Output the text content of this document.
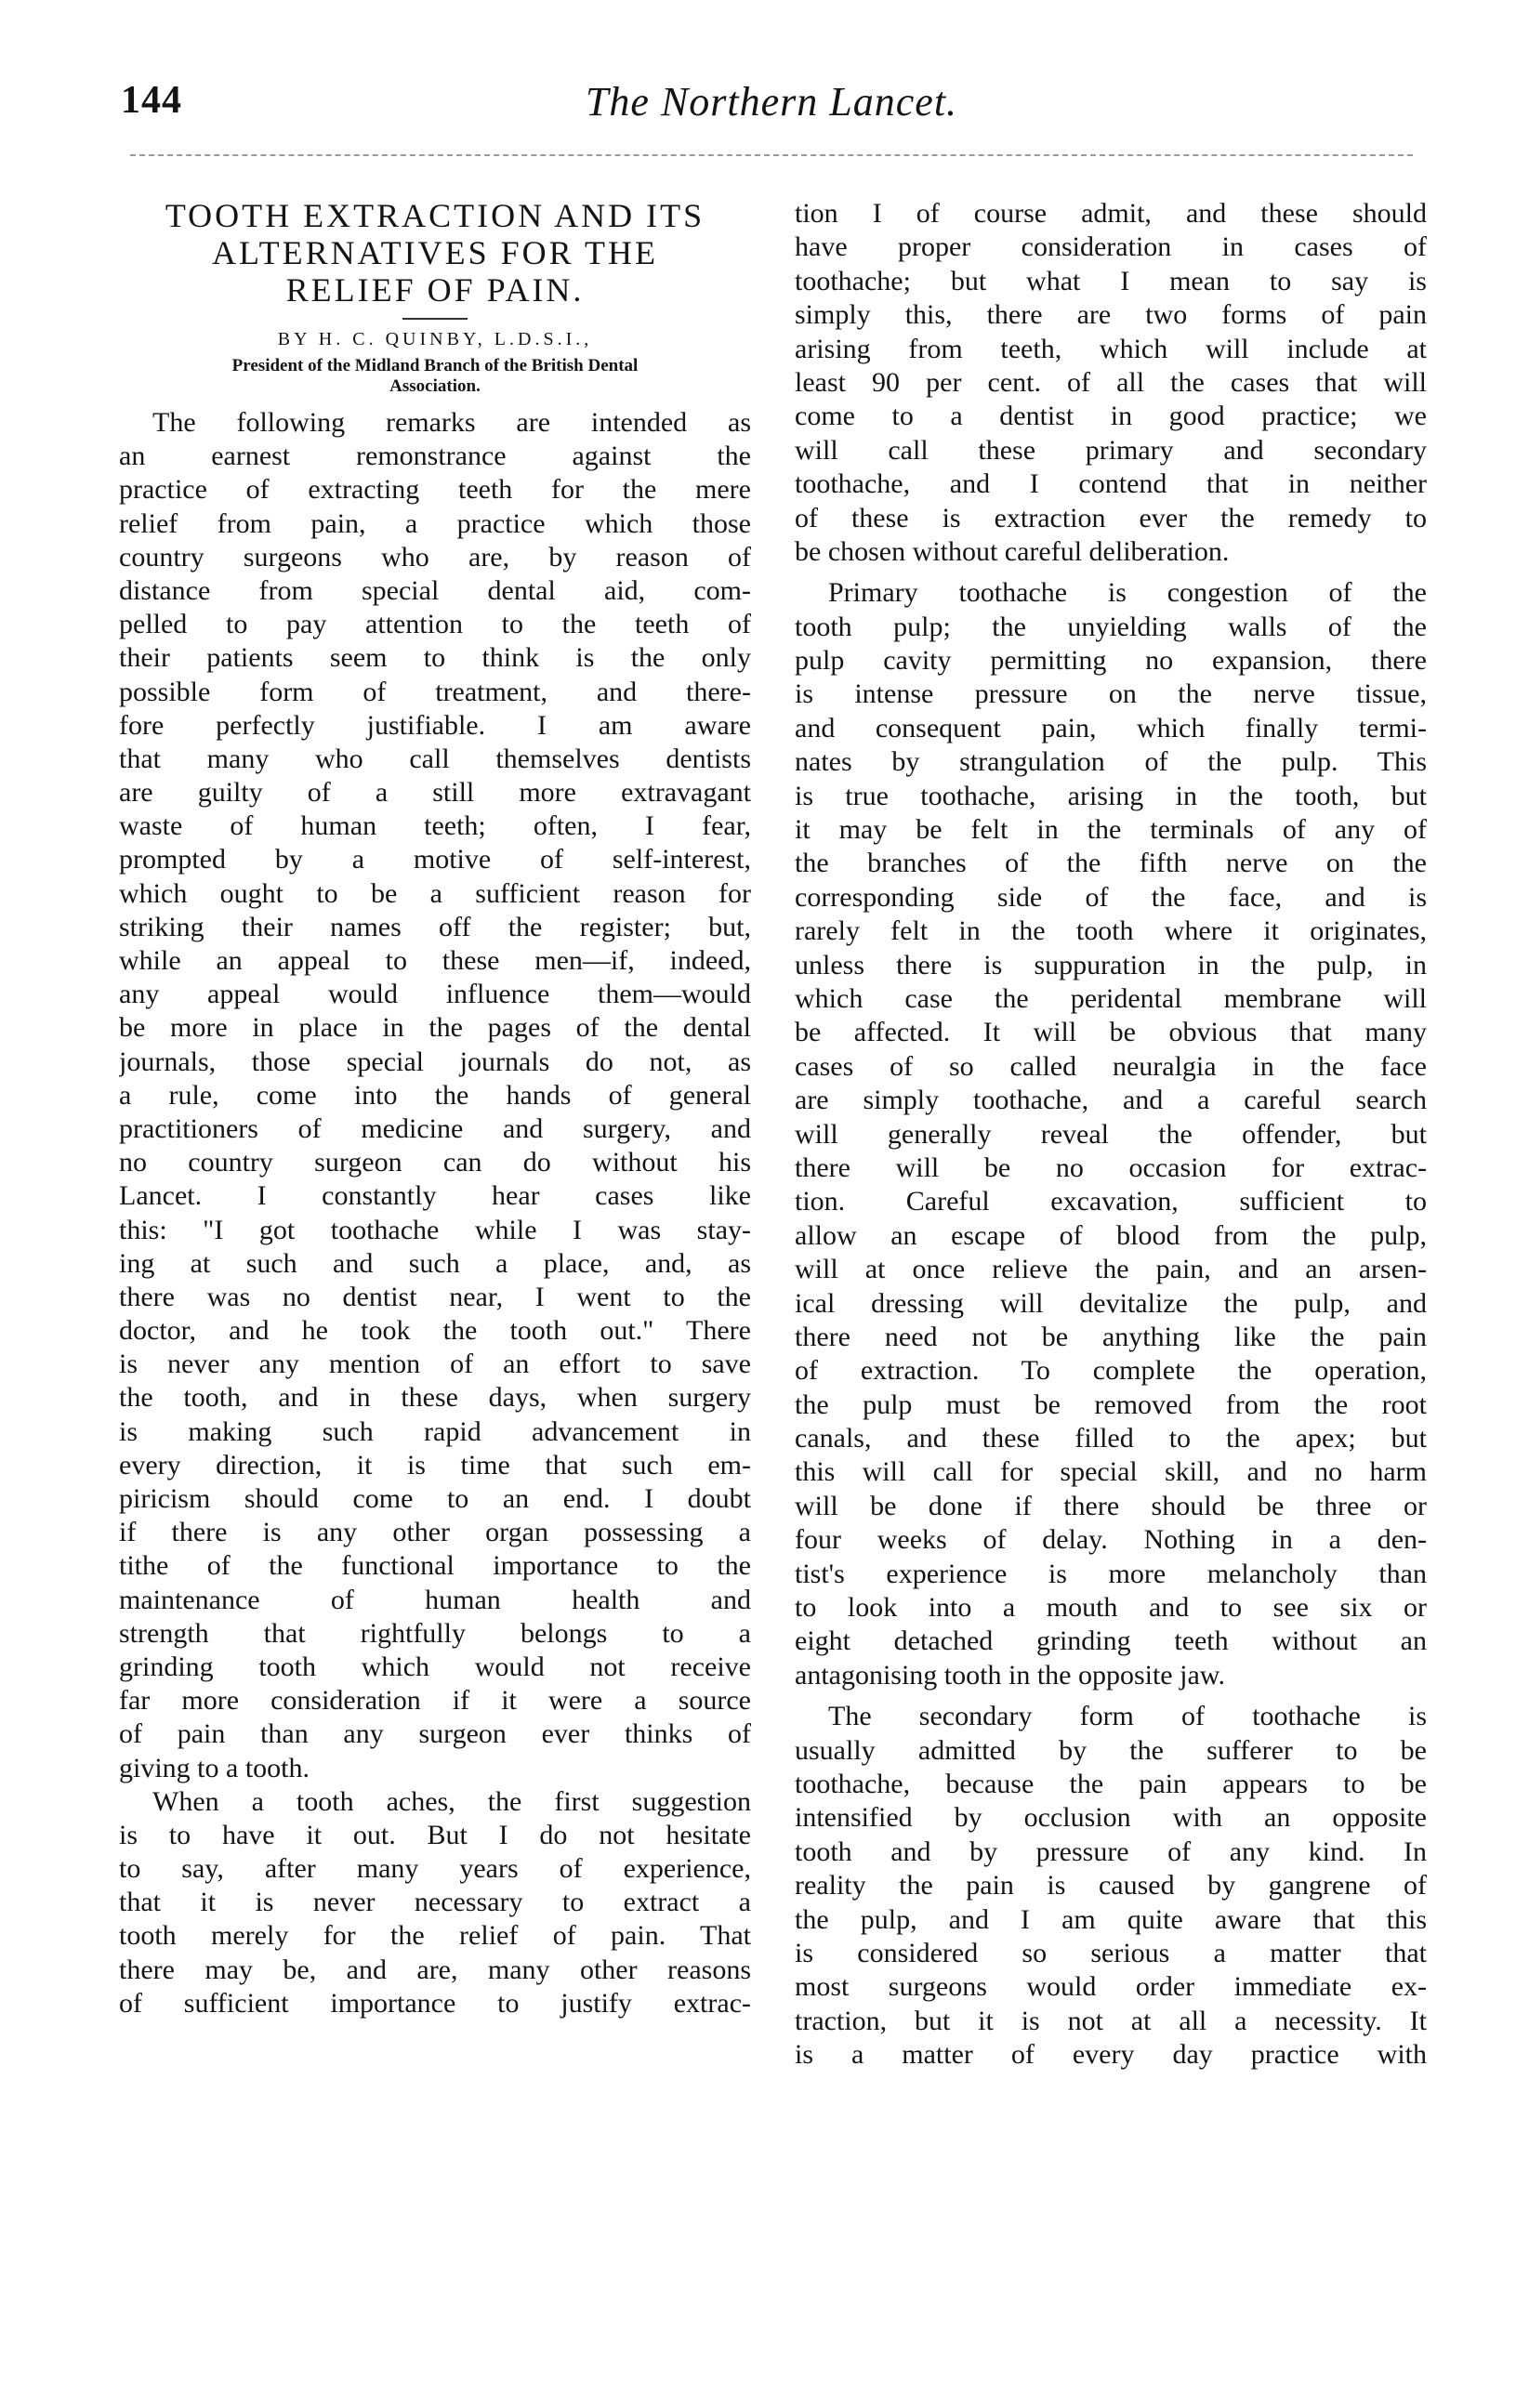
144	The Northern Lancet.
TOOTH EXTRACTION AND ITS
ALTERNATIVES FOR THE
RELIEF OF PAIN.
BY H. C. QUINBY, L.D.S.I.,
President of the Midland Branch of the British Dental
Association.
The following remarks are intended as
an earnest remonstrance against the
practice of extracting teeth for the mere
relief from pain, a practice which those
country surgeons who are, by reason of
distance from special dental aid, com-
pelled to pay attention to the teeth of
their patients seem to think is the only
possible form of treatment, and there-
fore perfectly justifiable. I am aware
that many who call themselves dentists
are guilty of a still more extravagant
waste of human teeth; often, I fear,
prompted by a motive of self-interest,
which ought to be a sufficient reason for
striking their names off the register; but,
while an appeal to these men—if, indeed,
any appeal would influence them—would
be more in place in the pages of the dental
journals, those special journals do not, as
a rule, come into the hands of general
practitioners of medicine and surgery, and
no country surgeon can do without his
Lancet. I constantly hear cases like
this: "I got toothache while I was stay-
ing at such and such a place, and, as
there was no dentist near, I went to the
doctor, and he took the tooth out." There
is never any mention of an effort to save
the tooth, and in these days, when surgery
is making such rapid advancement in
every direction, it is time that such em-
piricism should come to an end. I doubt
if there is any other organ possessing a
tithe of the functional importance to the
maintenance of human health and
strength that rightfully belongs to a
grinding tooth which would not receive
far more consideration if it were a source
of pain than any surgeon ever thinks of
giving to a tooth.
When a tooth aches, the first suggestion
is to have it out. But I do not hesitate
to say, after many years of experience,
that it is never necessary to extract a
tooth merely for the relief of pain. That
there may be, and are, many other reasons
of sufficient importance to justify extrac-
tion I of course admit, and these should
have proper consideration in cases of
toothache; but what I mean to say is
simply this, there are two forms of pain
arising from teeth, which will include at
least 90 per cent. of all the cases that will
come to a dentist in good practice; we
will call these primary and secondary
toothache, and I contend that in neither
of these is extraction ever the remedy to
be chosen without careful deliberation.
Primary toothache is congestion of the
tooth pulp; the unyielding walls of the
pulp cavity permitting no expansion, there
is intense pressure on the nerve tissue,
and consequent pain, which finally termi-
nates by strangulation of the pulp. This
is true toothache, arising in the tooth, but
it may be felt in the terminals of any of
the branches of the fifth nerve on the
corresponding side of the face, and is
rarely felt in the tooth where it originates,
unless there is suppuration in the pulp, in
which case the peridental membrane will
be affected. It will be obvious that many
cases of so called neuralgia in the face
are simply toothache, and a careful search
will generally reveal the offender, but
there will be no occasion for extrac-
tion. Careful excavation, sufficient to
allow an escape of blood from the pulp,
will at once relieve the pain, and an arsen-
ical dressing will devitalize the pulp, and
there need not be anything like the pain
of extraction. To complete the operation,
the pulp must be removed from the root
canals, and these filled to the apex; but
this will call for special skill, and no harm
will be done if there should be three or
four weeks of delay. Nothing in a den-
tist's experience is more melancholy than
to look into a mouth and to see six or
eight detached grinding teeth without an
antagonising tooth in the opposite jaw.
The secondary form of toothache is
usually admitted by the sufferer to be
toothache, because the pain appears to be
intensified by occlusion with an opposite
tooth and by pressure of any kind. In
reality the pain is caused by gangrene of
the pulp, and I am quite aware that this
is considered so serious a matter that
most surgeons would order immediate ex-
traction, but it is not at all a necessity. It
is a matter of every day practice with
